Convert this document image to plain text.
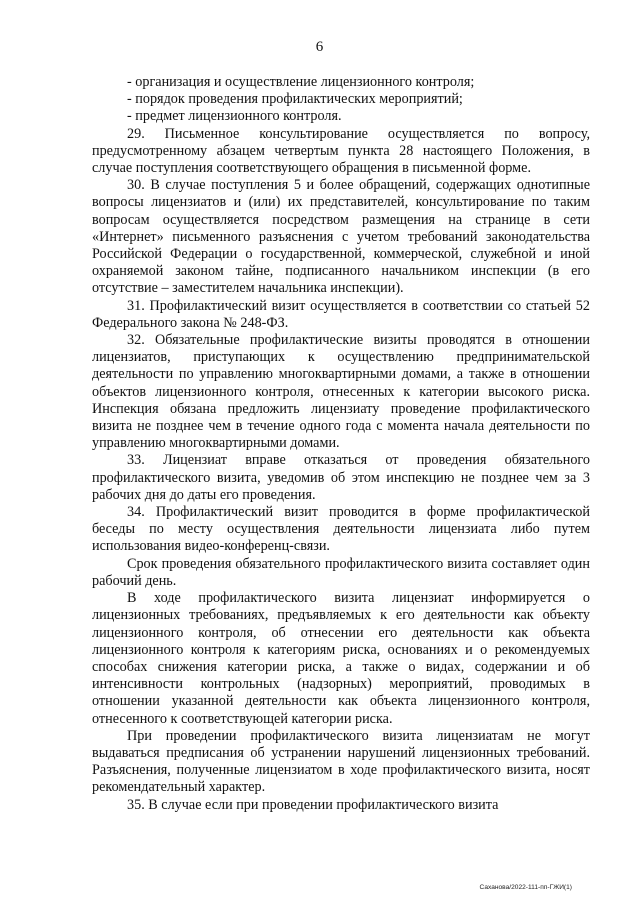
6

- организация и осуществление лицензионного контроля;

- порядок проведения профилактических мероприятий;

- предмет лицензионного контроля.

29. Письменное консультирование осуществляется по вопросу, предусмотренному абзацем четвертым пункта 28 настоящего Положения, в случае поступления соответствующего обращения в письменной форме.

30. В случае поступления 5 и более обращений, содержащих однотипные вопросы лицензиатов и (или) их представителей, консультирование по таким вопросам осуществляется посредством размещения на странице в сети «Интернет» письменного разъяснения с учетом требований законодательства Российской Федерации о государственной, коммерческой, служебной и иной охраняемой законом тайне, подписанного начальником инспекции (в его отсутствие – заместителем начальника инспекции).

31. Профилактический визит осуществляется в соответствии со статьей 52 Федерального закона № 248-ФЗ.

32. Обязательные профилактические визиты проводятся в отношении лицензиатов, приступающих к осуществлению предпринимательской деятельности по управлению многоквартирными домами, а также в отношении объектов лицензионного контроля, отнесенных к категории высокого риска. Инспекция обязана предложить лицензиату проведение профилактического визита не позднее чем в течение одного года с момента начала деятельности по управлению многоквартирными домами.

33. Лицензиат вправе отказаться от проведения обязательного профилактического визита, уведомив об этом инспекцию не позднее чем за 3 рабочих дня до даты его проведения.

34. Профилактический визит проводится в форме профилактической беседы по месту осуществления деятельности лицензиата либо путем использования видео-конференц-связи.

Срок проведения обязательного профилактического визита составляет один рабочий день.

В ходе профилактического визита лицензиат информируется о лицензионных требованиях, предъявляемых к его деятельности как объекту лицензионного контроля, об отнесении его деятельности как объекта лицензионного контроля к категориям риска, основаниях и о рекомендуемых способах снижения категории риска, а также о видах, содержании и об интенсивности контрольных (надзорных) мероприятий, проводимых в отношении указанной деятельности как объекта лицензионного контроля, отнесенного к соответствующей категории риска.

При проведении профилактического визита лицензиатам не могут выдаваться предписания об устранении нарушений лицензионных требований. Разъяснения, полученные лицензиатом в ходе профилактического визита, носят рекомендательный характер.

35. В случае если при проведении профилактического визита

Саханова/2022-111-пп-ГЖИ(1)
